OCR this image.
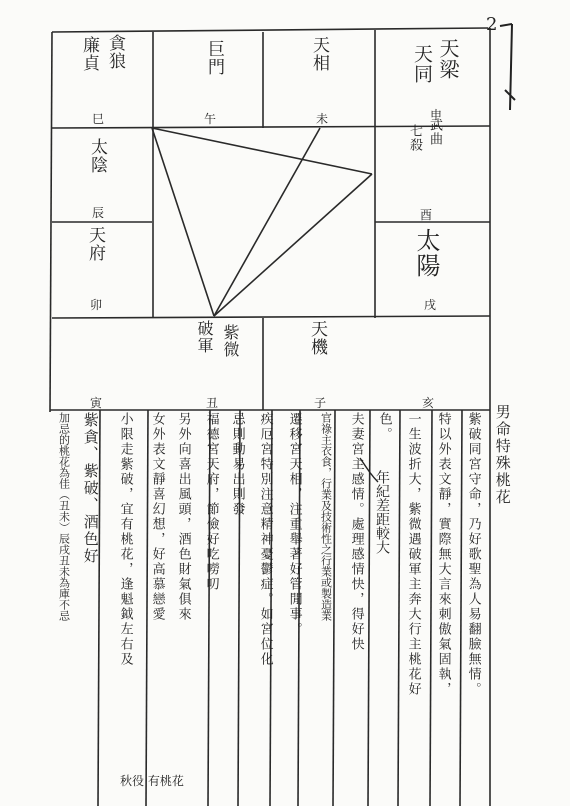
2
廉貞 貪狼
巳
巨門
午
天相
未
天梁
天同
申
武曲
七殺
太陰
辰	酉
太陽
天府
卯	戌
寅
紫微
破軍
丑
天機
子	亥
男命特殊桃花
紫破同宮守命，乃好歌聖為人易翻臉無情。
特以外表文靜，實際無大言來刺傲氣固執，
一生波折大，紫微遇破軍主奔大行主桃花好
色。
夫妻宮主感情。處理感情快，得好快
官祿主衣食，行業及技術性之行業或製造業
遷移宮天相，注重舉著好管閒事。
疾厄宮特別注意精神憂鬱症。如宮位化
忌則動易出則發
福德宮天府，節儉好吃嘮叨
另外向喜出風頭，酒色財氣俱來
女外表文靜喜幻想，好高慕戀愛
小限走紫破，宜有桃花，逢魁鉞左右及
紫貪、紫破、酒色好
加忌的桃花為佳（丑未）辰戌丑未為庫不忌	年紀差距較大
秋役 有桃花
